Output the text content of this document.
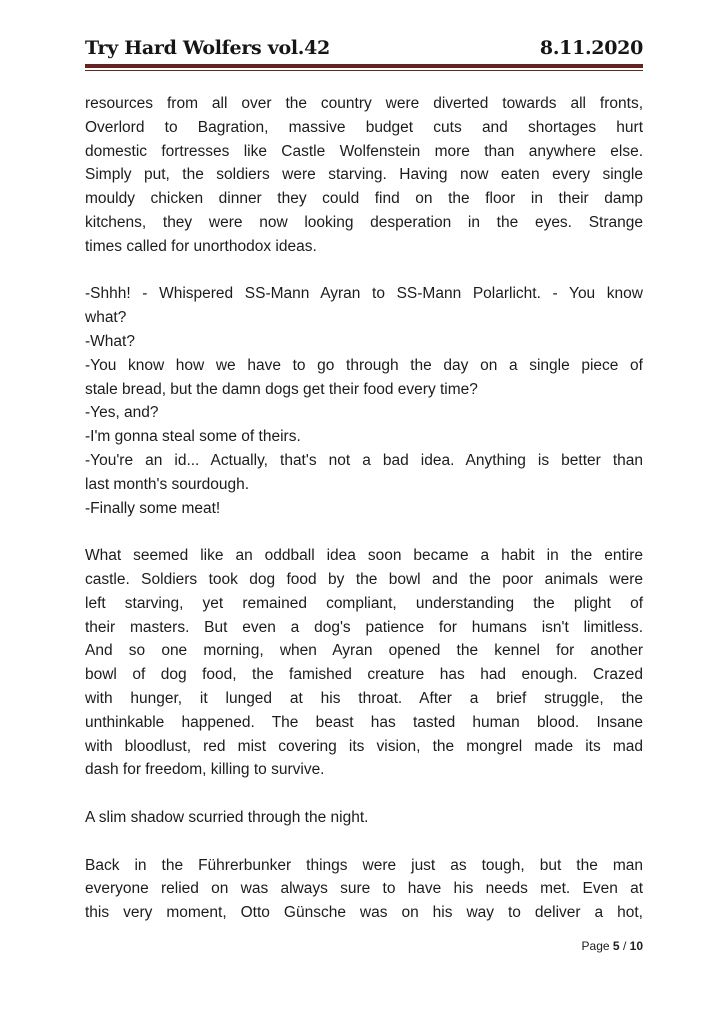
Try Hard Wolfers vol.42	8.11.2020
resources from all over the country were diverted towards all fronts,
Overlord to Bagration, massive budget cuts and shortages hurt
domestic fortresses like Castle Wolfenstein more than anywhere else.
Simply put, the soldiers were starving. Having now eaten every single
mouldy chicken dinner they could find on the floor in their damp
kitchens, they were now looking desperation in the eyes. Strange
times called for unorthodox ideas.
-Shhh! - Whispered SS-Mann Ayran to SS-Mann Polarlicht. - You know
what?
-What?
-You know how we have to go through the day on a single piece of
stale bread, but the damn dogs get their food every time?
-Yes, and?
-I'm gonna steal some of theirs.
-You're an id... Actually, that's not a bad idea. Anything is better than
last month's sourdough.
-Finally some meat!
What seemed like an oddball idea soon became a habit in the entire
castle. Soldiers took dog food by the bowl and the poor animals were
left starving, yet remained compliant, understanding the plight of
their masters. But even a dog's patience for humans isn't limitless.
And so one morning, when Ayran opened the kennel for another
bowl of dog food, the famished creature has had enough. Crazed
with hunger, it lunged at his throat. After a brief struggle, the
unthinkable happened. The beast has tasted human blood. Insane
with bloodlust, red mist covering its vision, the mongrel made its mad
dash for freedom, killing to survive.
A slim shadow scurried through the night.
Back in the Führerbunker things were just as tough, but the man
everyone relied on was always sure to have his needs met. Even at
this very moment, Otto Günsche was on his way to deliver a hot,
Page 5 / 10
